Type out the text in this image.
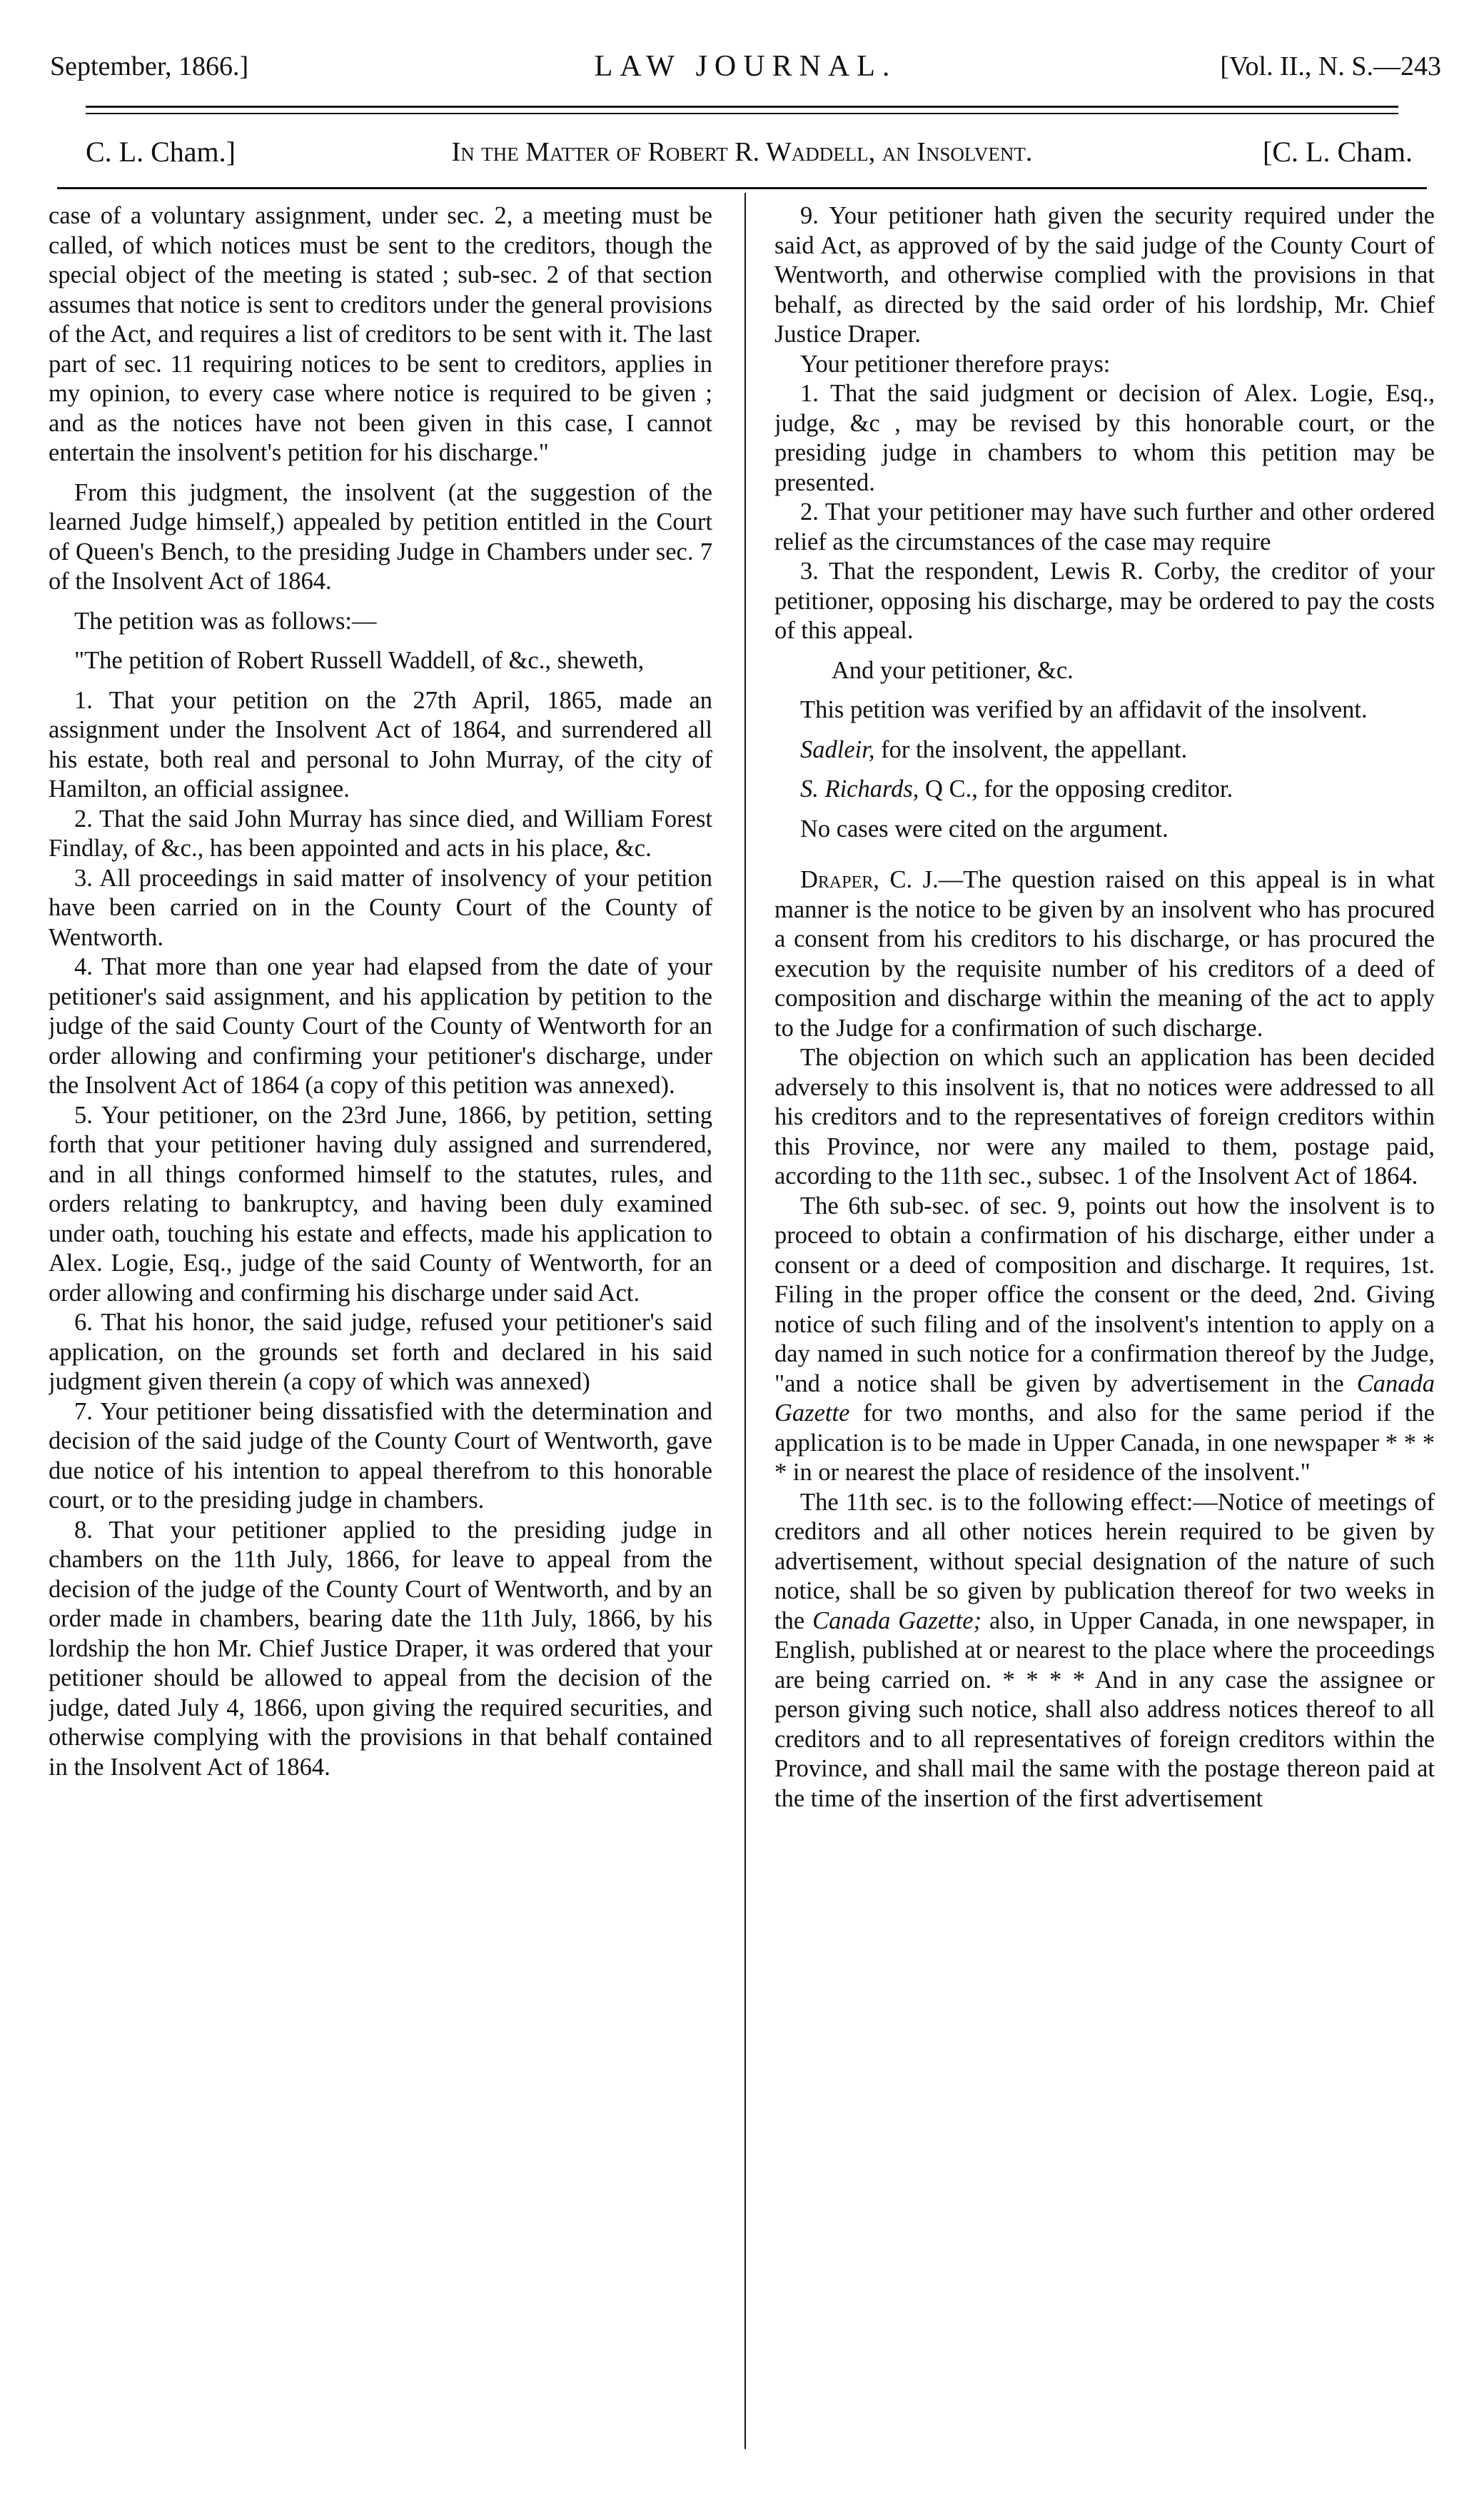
September, 1866.]	LAW JOURNAL.	[Vol. II., N. S.—243
C. L. Cham.]	In the Matter of Robert R. Waddell, an Insolvent.	[C. L. Cham.

case of a voluntary assignment, under sec. 2, a meeting must be called, of which notices must be sent to the creditors, though the special object of the meeting is stated ; sub-sec. 2 of that section assumes that notice is sent to creditors under the general provisions of the Act, and requires a list of creditors to be sent with it. The last part of sec. 11 requiring notices to be sent to creditors, applies in my opinion, to every case where notice is required to be given ; and as the notices have not been given in this case, I cannot entertain the insolvent's petition for his discharge."

From this judgment, the insolvent (at the suggestion of the learned Judge himself,) appealed by petition entitled in the Court of Queen's Bench, to the presiding Judge in Chambers under sec. 7 of the Insolvent Act of 1864.

The petition was as follows:—

"The petition of Robert Russell Waddell, of &c., sheweth,

1. That your petition on the 27th April, 1865, made an assignment under the Insolvent Act of 1864, and surrendered all his estate, both real and personal to John Murray, of the city of Hamilton, an official assignee.

2. That the said John Murray has since died, and William Forest Findlay, of &c., has been appointed and acts in his place, &c.

3. All proceedings in said matter of insolvency of your petition have been carried on in the County Court of the County of Wentworth.

4. That more than one year had elapsed from the date of your petitioner's said assignment, and his application by petition to the judge of the said County Court of the County of Wentworth for an order allowing and confirming your petitioner's discharge, under the Insolvent Act of 1864 (a copy of this petition was annexed).

5. Your petitioner, on the 23rd June, 1866, by petition, setting forth that your petitioner having duly assigned and surrendered, and in all things conformed himself to the statutes, rules, and orders relating to bankruptcy, and having been duly examined under oath, touching his estate and effects, made his application to Alex. Logie, Esq., judge of the said County of Wentworth, for an order allowing and confirming his discharge under said Act.

6. That his honor, the said judge, refused your petitioner's said application, on the grounds set forth and declared in his said judgment given therein (a copy of which was annexed)

7. Your petitioner being dissatisfied with the determination and decision of the said judge of the County Court of Wentworth, gave due notice of his intention to appeal therefrom to this honorable court, or to the presiding judge in chambers.

8. That your petitioner applied to the presiding judge in chambers on the 11th July, 1866, for leave to appeal from the decision of the judge of the County Court of Wentworth, and by an order made in chambers, bearing date the 11th July, 1866, by his lordship the hon Mr. Chief Justice Draper, it was ordered that your petitioner should be allowed to appeal from the decision of the judge, dated July 4, 1866, upon giving the required securities, and otherwise complying with the provisions in that behalf contained in the Insolvent Act of 1864.

9. Your petitioner hath given the security required under the said Act, as approved of by the said judge of the County Court of Wentworth, and otherwise complied with the provisions in that behalf, as directed by the said order of his lordship, Mr. Chief Justice Draper.

Your petitioner therefore prays:

1. That the said judgment or decision of Alex. Logie, Esq., judge, &c , may be revised by this honorable court, or the presiding judge in chambers to whom this petition may be presented.

2. That your petitioner may have such further and other ordered relief as the circumstances of the case may require

3. That the respondent, Lewis R. Corby, the creditor of your petitioner, opposing his discharge, may be ordered to pay the costs of this appeal.

And your petitioner, &c.

This petition was verified by an affidavit of the insolvent.

Sadleir, for the insolvent, the appellant.

S. Richards, Q C., for the opposing creditor.

No cases were cited on the argument.

Draper, C. J.—The question raised on this appeal is in what manner is the notice to be given by an insolvent who has procured a consent from his creditors to his discharge, or has procured the execution by the requisite number of his creditors of a deed of composition and discharge within the meaning of the act to apply to the Judge for a confirmation of such discharge.

The objection on which such an application has been decided adversely to this insolvent is, that no notices were addressed to all his creditors and to the representatives of foreign creditors within this Province, nor were any mailed to them, postage paid, according to the 11th sec., subsec. 1 of the Insolvent Act of 1864.

The 6th sub-sec. of sec. 9, points out how the insolvent is to proceed to obtain a confirmation of his discharge, either under a consent or a deed of composition and discharge. It requires, 1st. Filing in the proper office the consent or the deed, 2nd. Giving notice of such filing and of the insolvent's intention to apply on a day named in such notice for a confirmation thereof by the Judge, "and a notice shall be given by advertisement in the Canada Gazette for two months, and also for the same period if the application is to be made in Upper Canada, in one newspaper * * * * in or nearest the place of residence of the insolvent."

The 11th sec. is to the following effect:—Notice of meetings of creditors and all other notices herein required to be given by advertisement, without special designation of the nature of such notice, shall be so given by publication thereof for two weeks in the Canada Gazette; also, in Upper Canada, in one newspaper, in English, published at or nearest to the place where the proceedings are being carried on. * * * * And in any case the assignee or person giving such notice, shall also address notices thereof to all creditors and to all representatives of foreign creditors within the Province, and shall mail the same with the postage thereon paid at the time of the insertion of the first advertisement
